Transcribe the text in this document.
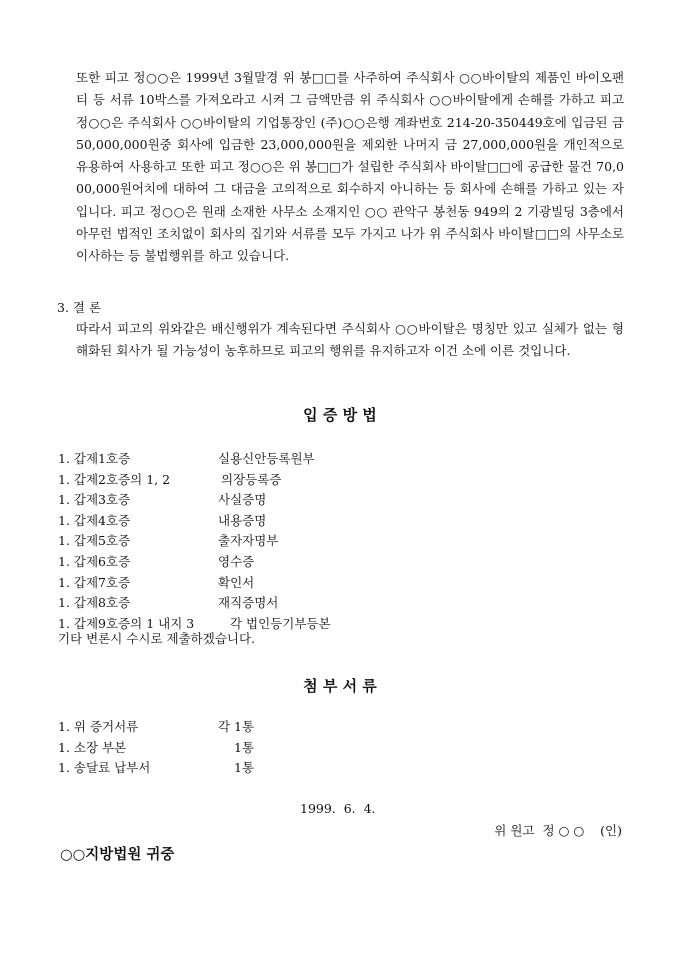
또한 피고 정○○은 1999년 3월말경 위 봉□□를 사주하여 주식회사 ○○바이탈의 제품인 바이오팬티 등 서류 10박스를 가져오라고 시켜 그 금액만큼 위 주식회사 ○○바이탈에게 손해를 가하고 피고 정○○은 주식회사 ○○바이탈의 기업통장인 (주)○○은행 계좌번호 214-20-350449호에 입금된 금 50,000,000원중 회사에 입금한 23,000,000원을 제외한 나머지 금 27,000,000원을 개인적으로 유용하여 사용하고 또한 피고 정○○은 위 봉□□가 설립한 주식회사 바이탈□□에 공급한 물건 70,000,000원어치에 대하여 그 대금을 고의적으로 회수하지 아니하는 등 회사에 손해를 가하고 있는 자입니다. 피고 정○○은 원래 소재한 사무소 소재지인 ○○ 관악구 봉천동 949의 2 기광빌딩 3층에서 아무런 법적인 조치없이 회사의 집기와 서류를 모두 가지고 나가 위 주식회사 바이탈□□의 사무소로 이사하는 등 불법행위를 하고 있습니다.

3. 결 론

따라서 피고의 위와같은 배신행위가 계속된다면 주식회사 ○○바이탈은 명칭만 있고 실체가 없는 형해화된 회사가 될 가능성이 농후하므로 피고의 행위를 유지하고자 이건 소에 이른 것입니다.

입 증 방 법
1. 갑제1호증	실용신안등록원부
1. 갑제2호증의 1, 2	의장등록증
1. 갑제3호증	사실증명
1. 갑제4호증	내용증명
1. 갑제5호증	출자자명부
1. 갑제6호증	영수증
1. 갑제7호증	확인서
1. 갑제8호증	재직증명서
1. 갑제9호증의 1 내지 3	각 법인등기부등본

기타 변론시 수시로 제출하겠습니다.

첨 부 서 류
1. 위 증거서류	각 1통
1. 소장 부본	1통
1. 송달료 납부서	1통

1999.  6.  4.

위 원고  정 ○ ○    (인)

○○지방법원 귀중
